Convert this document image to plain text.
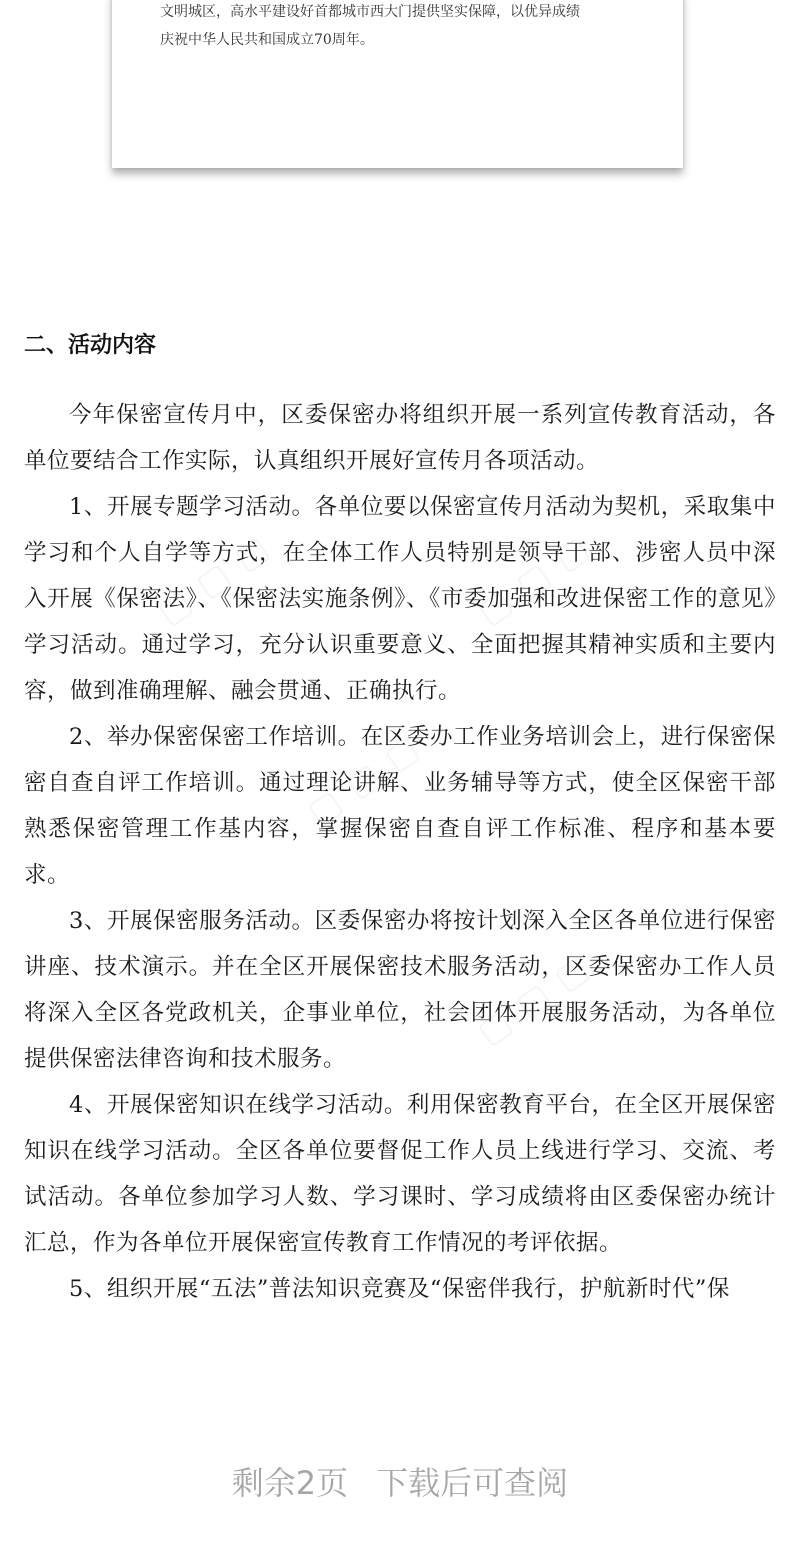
文明城区，高水平建设好首都城市西大门提供坚实保障，以优异成绩
庆祝中华人民共和国成立70周年。

二、活动内容

今年保密宣传月中，区委保密办将组织开展一系列宣传教育活动，各单位要结合工作实际，认真组织开展好宣传月各项活动。

1、开展专题学习活动。各单位要以保密宣传月活动为契机，采取集中学习和个人自学等方式，在全体工作人员特别是领导干部、涉密人员中深入开展《保密法》、《保密法实施条例》、《市委加强和改进保密工作的意见》学习活动。通过学习，充分认识重要意义、全面把握其精神实质和主要内容，做到准确理解、融会贯通、正确执行。

2、举办保密保密工作培训。在区委办工作业务培训会上，进行保密保密自查自评工作培训。通过理论讲解、业务辅导等方式，使全区保密干部熟悉保密管理工作基内容，掌握保密自查自评工作标准、程序和基本要求。

3、开展保密服务活动。区委保密办将按计划深入全区各单位进行保密讲座、技术演示。并在全区开展保密技术服务活动，区委保密办工作人员将深入全区各党政机关，企事业单位，社会团体开展服务活动，为各单位提供保密法律咨询和技术服务。

4、开展保密知识在线学习活动。利用保密教育平台，在全区开展保密知识在线学习活动。全区各单位要督促工作人员上线进行学习、交流、考试活动。各单位参加学习人数、学习课时、学习成绩将由区委保密办统计汇总，作为各单位开展保密宣传教育工作情况的考评依据。

5、组织开展“五法”普法知识竞赛及“保密伴我行，护航新时代”保

▢ ▢ ▢	▢ ▢ ▢
▢ ▢ ▢
▢ ▢ ▢

剩余2页 下载后可查阅
